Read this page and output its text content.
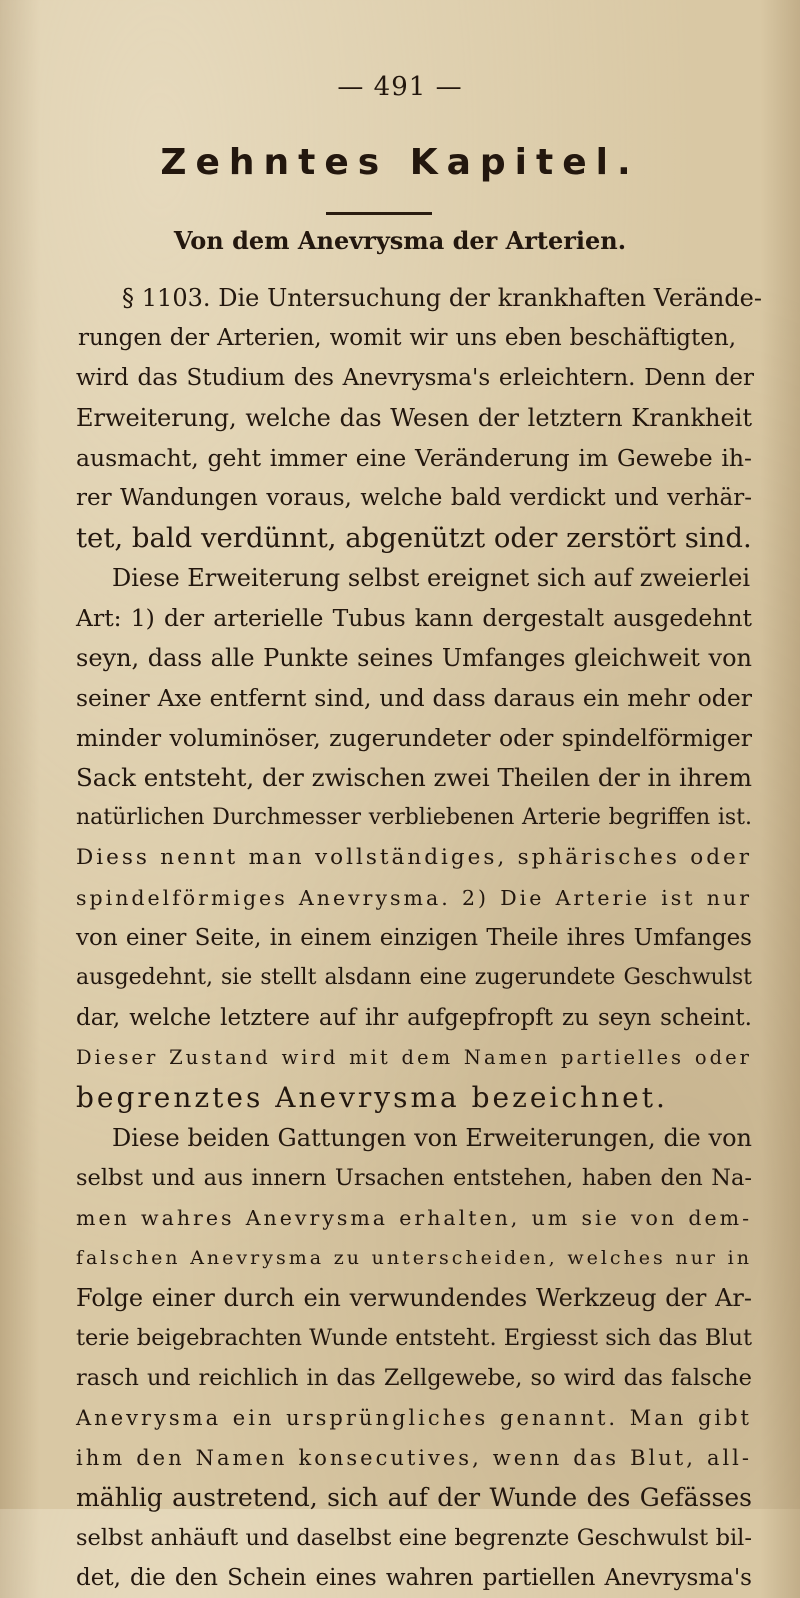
— 491 —
Zehntes Kapitel.
Von dem Anevrysma der Arterien.
§ 1103. Die Untersuchung der krankhaften Verände-
rungen der Arterien, womit wir uns eben beschäftigten,
wird das Studium des Anevrysma's erleichtern. Denn der
Erweiterung, welche das Wesen der letztern Krankheit
ausmacht, geht immer eine Veränderung im Gewebe ih-
rer Wandungen voraus, welche bald verdickt und verhär-
tet, bald verdünnt, abgenützt oder zerstört sind.
Diese Erweiterung selbst ereignet sich auf zweierlei
Art: 1) der arterielle Tubus kann dergestalt ausgedehnt
seyn, dass alle Punkte seines Umfanges gleichweit von
seiner Axe entfernt sind, und dass daraus ein mehr oder
minder voluminöser, zugerundeter oder spindelförmiger
Sack entsteht, der zwischen zwei Theilen der in ihrem
natürlichen Durchmesser verbliebenen Arterie begriffen ist.
Diess nennt man vollständiges, sphärisches oder
spindelförmiges Anevrysma. 2) Die Arterie ist nur
von einer Seite, in einem einzigen Theile ihres Umfanges
ausgedehnt, sie stellt alsdann eine zugerundete Geschwulst
dar, welche letztere auf ihr aufgepfropft zu seyn scheint.
Dieser Zustand wird mit dem Namen partielles oder
begrenztes Anevrysma bezeichnet.
Diese beiden Gattungen von Erweiterungen, die von
selbst und aus innern Ursachen entstehen, haben den Na-
men wahres Anevrysma erhalten, um sie von dem-
falschen Anevrysma zu unterscheiden, welches nur in
Folge einer durch ein verwundendes Werkzeug der Ar-
terie beigebrachten Wunde entsteht. Ergiesst sich das Blut
rasch und reichlich in das Zellgewebe, so wird das falsche
Anevrysma ein ursprüngliches genannt. Man gibt
ihm den Namen konsecutives, wenn das Blut, all-
mählig austretend, sich auf der Wunde des Gefässes
selbst anhäuft und daselbst eine begrenzte Geschwulst bil-
det, die den Schein eines wahren partiellen Anevrysma's
